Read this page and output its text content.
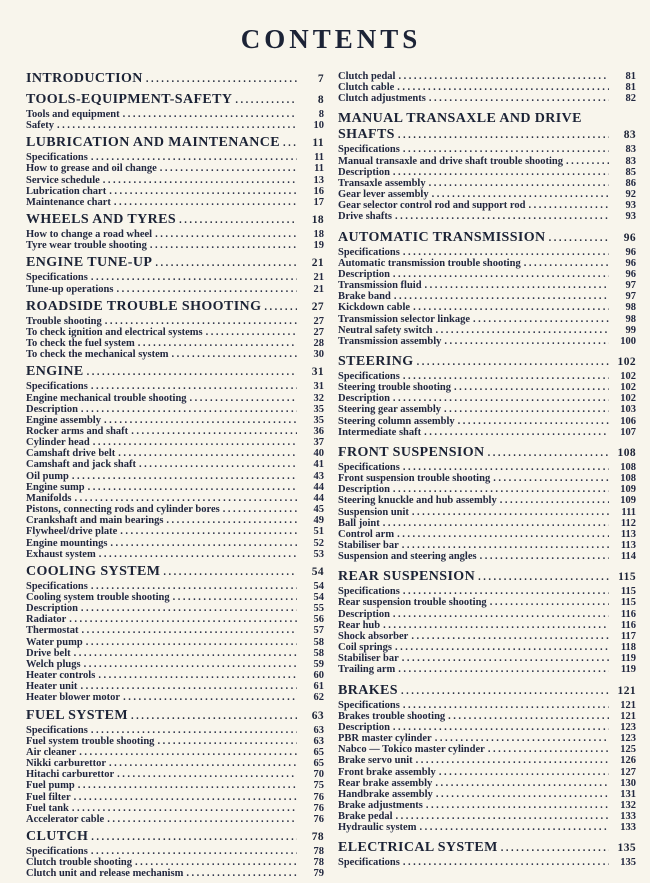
CONTENTS
INTRODUCTION .....	7
TOOLS-EQUIPMENT-SAFETY .....	8
Tools and equipment .....	8
Safety .....	10
LUBRICATION AND MAINTENANCE .....	11
Specifications .....	11
How to grease and oil change .....	11
Service schedule .....	13
Lubrication chart .....	16
Maintenance chart .....	17
WHEELS AND TYRES .....	18
How to change a road wheel .....	18
Tyre wear trouble shooting .....	19
ENGINE TUNE-UP .....	21
Specifications .....	21
Tune-up operations .....	21
ROADSIDE TROUBLE SHOOTING .....	27
Trouble shooting .....	27
To check ignition and electrical systems .....	27
To check the fuel system .....	28
To check the mechanical system .....	30
ENGINE .....	31
Specifications .....	31
Engine mechanical trouble shooting .....	32
Description .....	35
Engine assembly .....	35
Rocker arms and shaft .....	36
Cylinder head .....	37
Camshaft drive belt .....	40
Camshaft and jack shaft .....	41
Oil pump .....	43
Engine sump .....	44
Manifolds .....	44
Pistons, connecting rods and cylinder bores .....	45
Crankshaft and main bearings .....	49
Flywheel/drive plate .....	51
Engine mountings .....	52
Exhaust system .....	53
COOLING SYSTEM .....	54
Specifications .....	54
Cooling system trouble shooting .....	54
Description .....	55
Radiator .....	56
Thermostat .....	57
Water pump .....	58
Drive belt .....	58
Welch plugs .....	59
Heater controls .....	60
Heater unit .....	61
Heater blower motor .....	62
FUEL SYSTEM .....	63
Specifications .....	63
Fuel system trouble shooting .....	63
Air cleaner .....	65
Nikki carburettor .....	65
Hitachi carburettor .....	70
Fuel pump .....	75
Fuel filter .....	76
Fuel tank .....	76
Accelerator cable .....	76
CLUTCH .....	78
Specifications .....	78
Clutch trouble shooting .....	78
Clutch unit and release mechanism .....	79
Clutch pedal .....	81
Clutch cable .....	81
Clutch adjustments .....	82
MANUAL TRANSAXLE AND DRIVE
SHAFTS .....	83
Specifications .....	83
Manual transaxle and drive shaft trouble shooting .....	83
Description .....	85
Transaxle assembly .....	86
Gear lever assembly .....	92
Gear selector control rod and support rod .....	93
Drive shafts .....	93
AUTOMATIC TRANSMISSION .....	96
Specifications .....	96
Automatic transmission trouble shooting .....	96
Description .....	96
Transmission fluid .....	97
Brake band .....	97
Kickdown cable .....	98
Transmission selector linkage .....	98
Neutral safety switch .....	99
Transmission assembly .....	100
STEERING .....	102
Specifications .....	102
Steering trouble shooting .....	102
Description .....	102
Steering gear assembly .....	103
Steering column assembly .....	106
Intermediate shaft .....	107
FRONT SUSPENSION .....	108
Specifications .....	108
Front suspension trouble shooting .....	108
Description .....	109
Steering knuckle and hub assembly .....	109
Suspension unit .....	111
Ball joint .....	112
Control arm .....	113
Stabiliser bar .....	113
Suspension and steering angles .....	114
REAR SUSPENSION .....	115
Specifications .....	115
Rear suspension trouble shooting .....	115
Description .....	116
Rear hub .....	116
Shock absorber .....	117
Coil springs .....	118
Stabiliser bar .....	119
Trailing arm .....	119
BRAKES .....	121
Specifications .....	121
Brakes trouble shooting .....	121
Description .....	123
PBR master cylinder .....	123
Nabco — Tokico master cylinder .....	125
Brake servo unit .....	126
Front brake assembly .....	127
Rear brake assembly .....	130
Handbrake assembly .....	131
Brake adjustments .....	132
Brake pedal .....	133
Hydraulic system .....	133
ELECTRICAL SYSTEM .....	135
Specifications .....	135
